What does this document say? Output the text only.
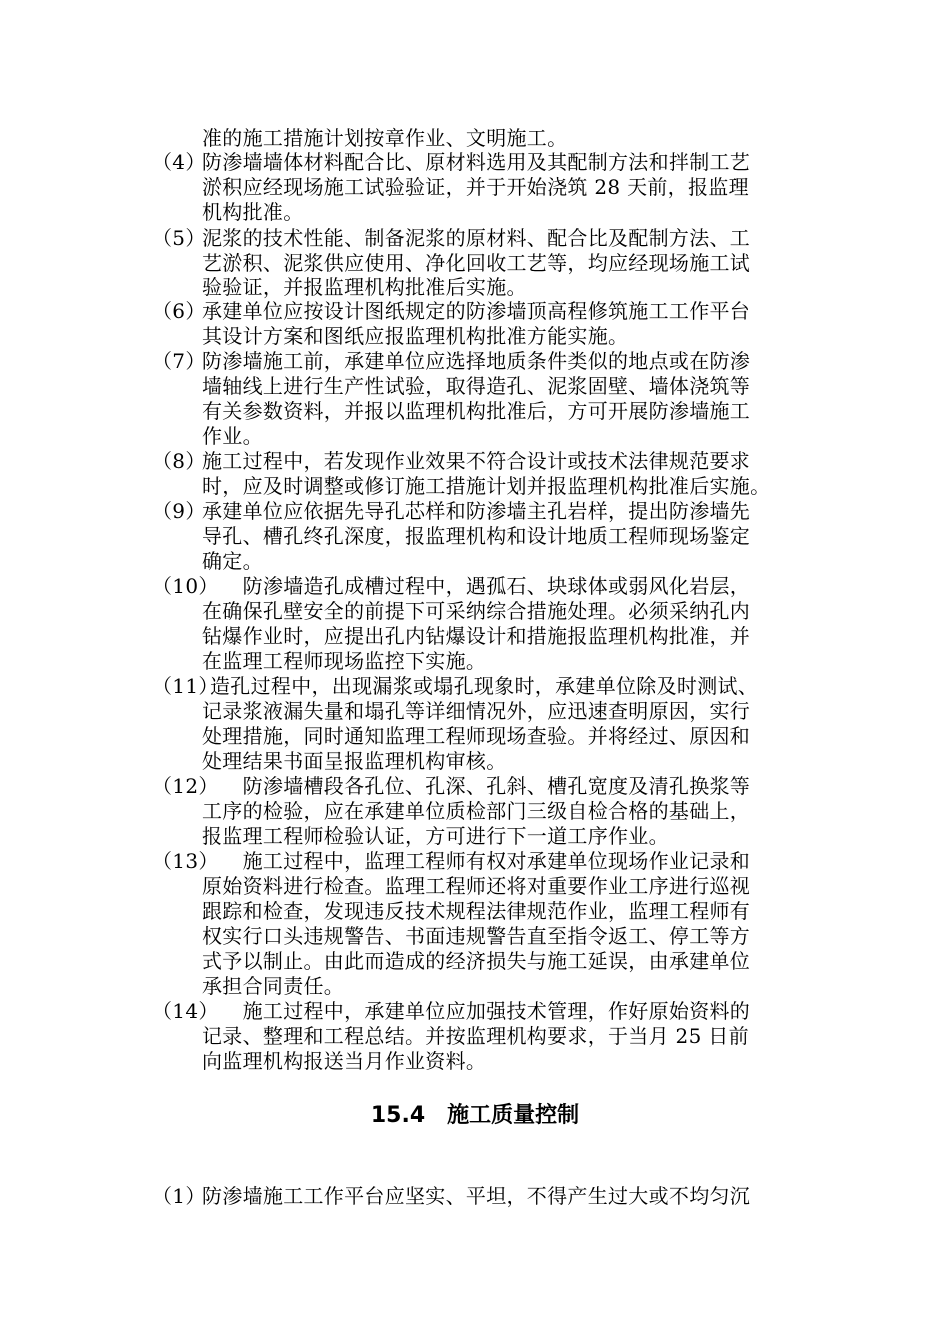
准的施工措施计划按章作业、文明施工。
（4）
防渗墙墙体材料配合比、原材料选用及其配制方法和拌制工艺
淤积应经现场施工试验验证，并于开始浇筑 28 天前，报监理
机构批准。
（5）
泥浆的技术性能、制备泥浆的原材料、配合比及配制方法、工
艺淤积、泥浆供应使用、净化回收工艺等，均应经现场施工试
验验证，并报监理机构批准后实施。
（6）
承建单位应按设计图纸规定的防渗墙顶高程修筑施工工作平台
其设计方案和图纸应报监理机构批准方能实施。
（7）
防渗墙施工前，承建单位应选择地质条件类似的地点或在防渗
墙轴线上进行生产性试验，取得造孔、泥浆固壁、墙体浇筑等
有关参数资料，并报以监理机构批准后，方可开展防渗墙施工
作业。
（8）
施工过程中，若发现作业效果不符合设计或技术法律规范要求
时，应及时调整或修订施工措施计划并报监理机构批准后实施。
（9）
承建单位应依据先导孔芯样和防渗墙主孔岩样，提出防渗墙先
导孔、槽孔终孔深度，报监理机构和设计地质工程师现场鉴定
确定。
（10）
　　防渗墙造孔成槽过程中，遇孤石、块球体或弱风化岩层，
在确保孔壁安全的前提下可采纳综合措施处理。必须采纳孔内
钻爆作业时，应提出孔内钻爆设计和措施报监理机构批准，并
在监理工程师现场监控下实施。
（11）
造孔过程中，出现漏浆或塌孔现象时，承建单位除及时测试、
记录浆液漏失量和塌孔等详细情况外，应迅速查明原因，实行
处理措施，同时通知监理工程师现场查验。并将经过、原因和
处理结果书面呈报监理机构审核。
（12）
　　防渗墙槽段各孔位、孔深、孔斜、槽孔宽度及清孔换浆等
工序的检验，应在承建单位质检部门三级自检合格的基础上，
报监理工程师检验认证，方可进行下一道工序作业。
（13）
　　施工过程中，监理工程师有权对承建单位现场作业记录和
原始资料进行检查。监理工程师还将对重要作业工序进行巡视
跟踪和检查，发现违反技术规程法律规范作业，监理工程师有
权实行口头违规警告、书面违规警告直至指令返工、停工等方
式予以制止。由此而造成的经济损失与施工延误，由承建单位
承担合同责任。
（14）
　　施工过程中，承建单位应加强技术管理，作好原始资料的
记录、整理和工程总结。并按监理机构要求，于当月 25 日前
向监理机构报送当月作业资料。
15.4　施工质量控制
（1）
防渗墙施工工作平台应坚实、平坦，不得产生过大或不均匀沉
